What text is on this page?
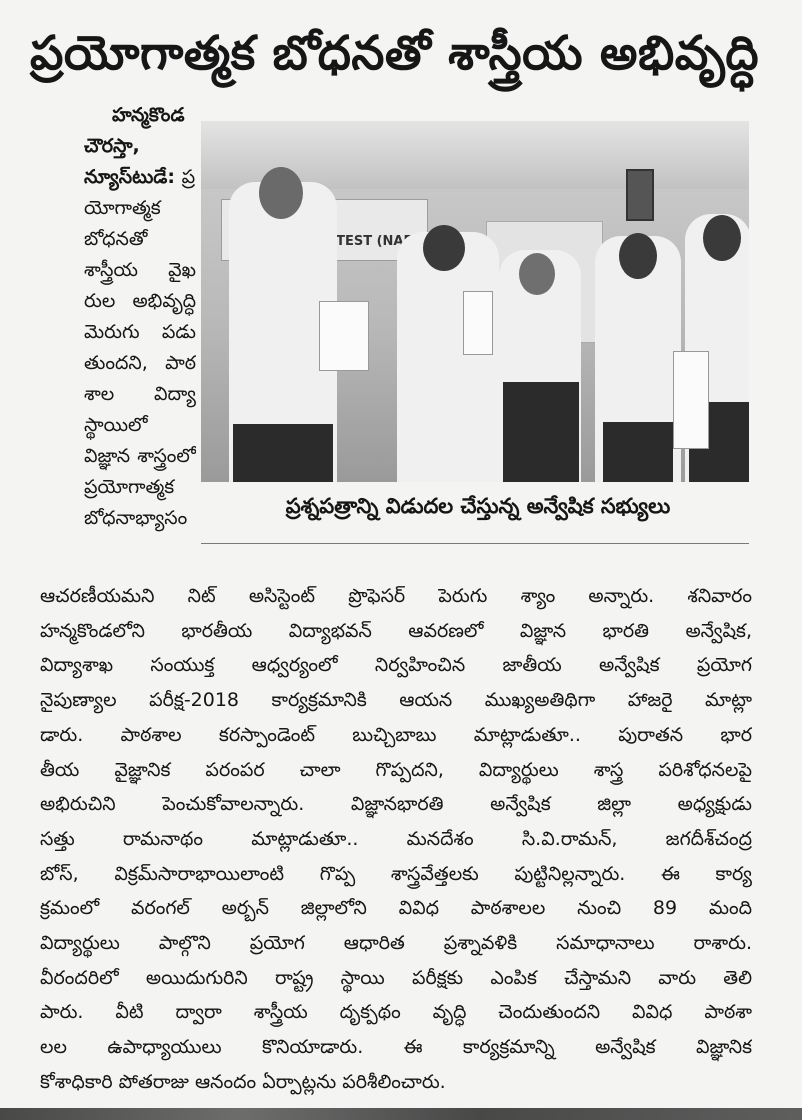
ప్రయోగాత్మక బోధనతో శాస్త్రీయ అభివృద్ధి
హన్మకొండ
చౌరస్తా,
న్యూస్‌టుడే: ప్ర
యోగాత్మక
బోధనతో
శాస్త్రీయ వైఖ
రుల అభివృద్ధి
మెరుగు పడు
తుందని, పాఠ
శాల విద్యా
స్థాయిలో
విజ్ఞాన శాస్త్రంలో
ప్రయోగాత్మక
బోధనాభ్యాసం
TEST (NAES
ప్రశ్నపత్రాన్ని విడుదల చేస్తున్న అన్వేషిక సభ్యులు
ఆచరణీయమని నిట్ అసిస్టెంట్ ప్రొఫెసర్ పెరుగు శ్యాం అన్నారు. శనివారం
హన్మకొండలోని భారతీయ విద్యాభవన్ ఆవరణలో విజ్ఞాన భారతి అన్వేషిక,
విద్యాశాఖ సంయుక్త ఆధ్వర్యంలో నిర్వహించిన జాతీయ అన్వేషిక ప్రయోగ
నైపుణ్యాల పరీక్ష-2018 కార్యక్రమానికి ఆయన ముఖ్యఅతిథిగా హాజరై మాట్లా
డారు. పాఠశాల కరస్పాండెంట్ బుచ్చిబాబు మాట్లాడుతూ.. పురాతన భార
తీయ వైజ్ఞానిక పరంపర చాలా గొప్పదని, విద్యార్థులు శాస్త్ర పరిశోధనలపై
అభిరుచిని పెంచుకోవాలన్నారు. విజ్ఞానభారతి అన్వేషిక జిల్లా అధ్యక్షుడు
సత్తు రామనాథం మాట్లాడుతూ.. మనదేశం సి.వి.రామన్, జగదీశ్‌చంద్ర
బోస్, విక్రమ్‌సారాభాయిలాంటి గొప్ప శాస్త్రవేత్తలకు పుట్టినిల్లన్నారు. ఈ కార్య
క్రమంలో వరంగల్ అర్బన్ జిల్లాలోని వివిధ పాఠశాలల నుంచి 89 మంది
విద్యార్థులు పాల్గొని ప్రయోగ ఆధారిత ప్రశ్నావళికి సమాధానాలు రాశారు.
వీరందరిలో అయిదుగురిని రాష్ట్ర స్థాయి పరీక్షకు ఎంపిక చేస్తామని వారు తెలి
పారు. వీటి ద్వారా శాస్త్రీయ దృక్పథం వృద్ధి చెందుతుందని వివిధ పాఠశా
లల ఉపాధ్యాయులు కొనియాడారు. ఈ కార్యక్రమాన్ని అన్వేషిక విజ్ఞానిక
కోశాధికారి పోతరాజు ఆనందం ఏర్పాట్లను పరిశీలించారు.
